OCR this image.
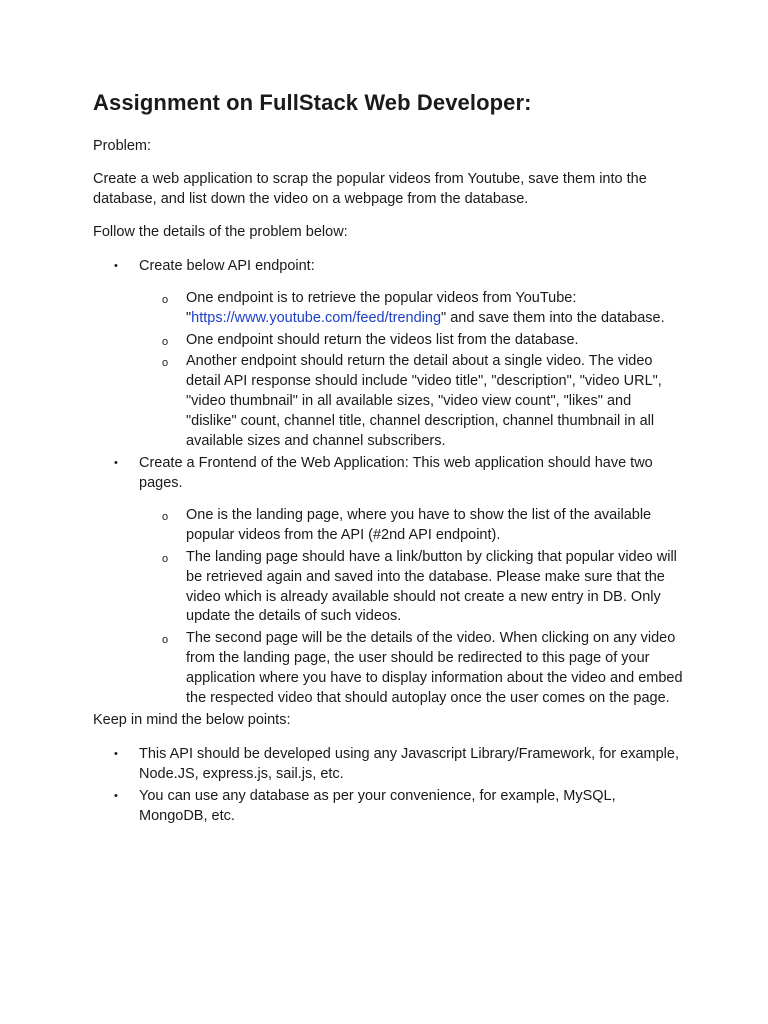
Assignment on FullStack Web Developer:

Problem:

Create a web application to scrap the popular videos from Youtube, save them into the database, and list down the video on a webpage from the database.

Follow the details of the problem below:

• Create below API endpoint:
o One endpoint is to retrieve the popular videos from YouTube: "https://www.youtube.com/feed/trending" and save them into the database.
o One endpoint should return the videos list from the database.
o Another endpoint should return the detail about a single video. The video detail API response should include "video title", "description", "video URL", "video thumbnail" in all available sizes, "video view count", "likes" and "dislike" count, channel title, channel description, channel thumbnail in all available sizes and channel subscribers.
• Create a Frontend of the Web Application: This web application should have two pages.
o One is the landing page, where you have to show the list of the available popular videos from the API (#2nd API endpoint).
o The landing page should have a link/button by clicking that popular video will be retrieved again and saved into the database. Please make sure that the video which is already available should not create a new entry in DB. Only update the details of such videos.
o The second page will be the details of the video. When clicking on any video from the landing page, the user should be redirected to this page of your application where you have to display information about the video and embed the respected video that should autoplay once the user comes on the page.

Keep in mind the below points:

• This API should be developed using any Javascript Library/Framework, for example, Node.JS, express.js, sail.js, etc.
• You can use any database as per your convenience, for example, MySQL, MongoDB, etc.
